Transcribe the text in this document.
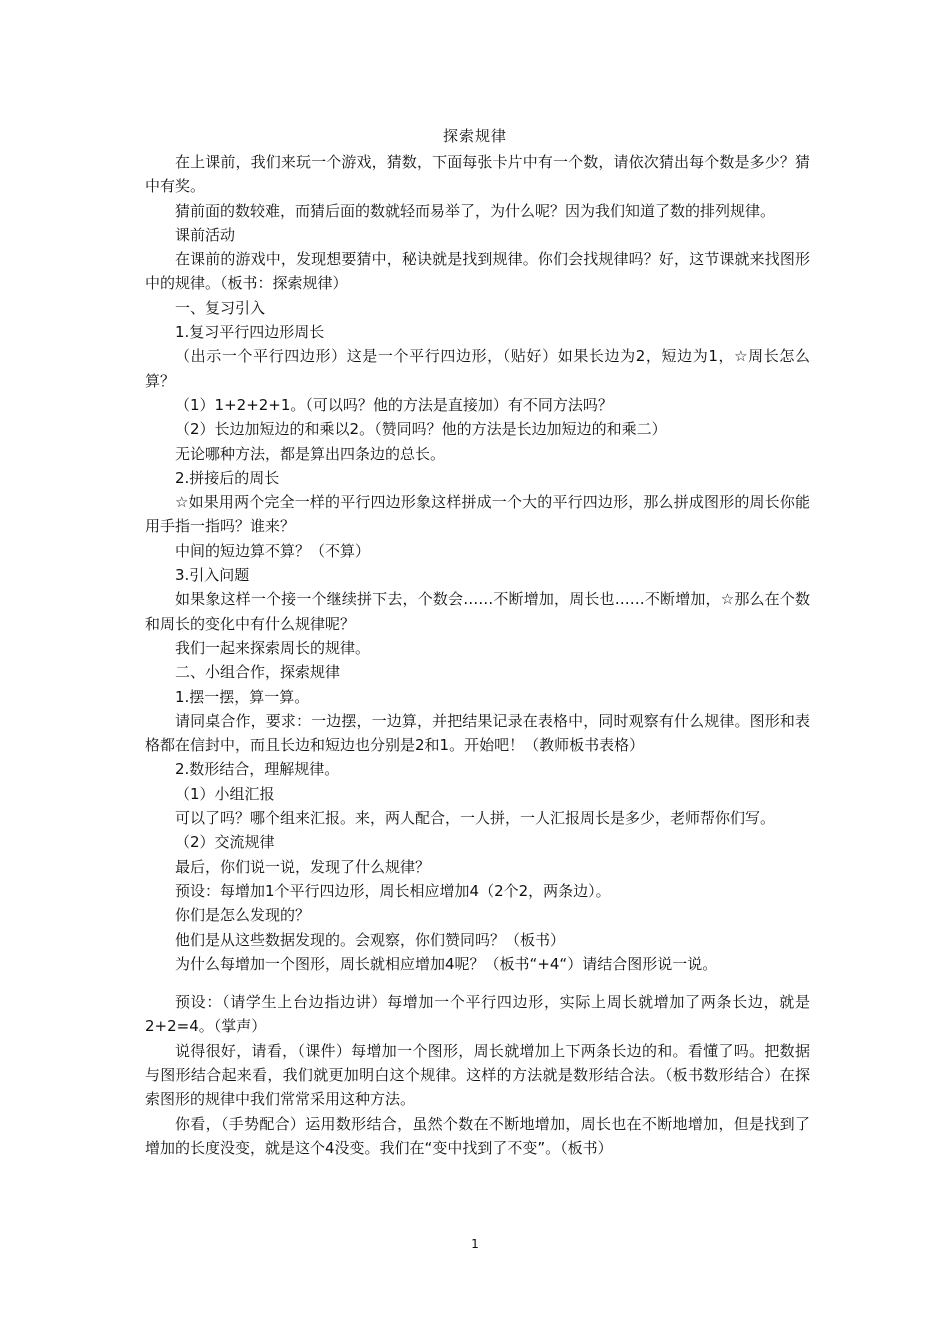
探索规律

在上课前，我们来玩一个游戏，猜数，下面每张卡片中有一个数，请依次猜出每个数是多少？猜中有奖。

猜前面的数较难，而猜后面的数就轻而易举了，为什么呢？因为我们知道了数的排列规律。

课前活动

在课前的游戏中，发现想要猜中，秘诀就是找到规律。你们会找规律吗？好，这节课就来找图形中的规律。（板书：探索规律）

一、复习引入

1.复习平行四边形周长

（出示一个平行四边形）这是一个平行四边形，（贴好）如果长边为2，短边为1，☆周长怎么算？

（1）1+2+2+1。（可以吗？他的方法是直接加）有不同方法吗？

（2）长边加短边的和乘以2。（赞同吗？他的方法是长边加短边的和乘二）

无论哪种方法，都是算出四条边的总长。

2.拼接后的周长

☆如果用两个完全一样的平行四边形象这样拼成一个大的平行四边形，那么拼成图形的周长你能用手指一指吗？谁来？

中间的短边算不算？（不算）

3.引入问题

如果象这样一个接一个继续拼下去，个数会……不断增加，周长也……不断增加，☆那么在个数和周长的变化中有什么规律呢？

我们一起来探索周长的规律。

二、小组合作，探索规律

1.摆一摆，算一算。

请同桌合作，要求：一边摆，一边算，并把结果记录在表格中，同时观察有什么规律。图形和表格都在信封中，而且长边和短边也分别是2和1。开始吧！（教师板书表格）

2.数形结合，理解规律。

（1）小组汇报

可以了吗？哪个组来汇报。来，两人配合，一人拼，一人汇报周长是多少，老师帮你们写。

（2）交流规律

最后，你们说一说，发现了什么规律？

预设：每增加1个平行四边形，周长相应增加4（2个2，两条边）。

你们是怎么发现的？

他们是从这些数据发现的。会观察，你们赞同吗？（板书）

为什么每增加一个图形，周长就相应增加4呢？（板书“+4“）请结合图形说一说。

预设：（请学生上台边指边讲）每增加一个平行四边形，实际上周长就增加了两条长边，就是2+2=4。（掌声）

说得很好，请看，（课件）每增加一个图形，周长就增加上下两条长边的和。看懂了吗。把数据与图形结合起来看，我们就更加明白这个规律。这样的方法就是数形结合法。（板书数形结合）在探索图形的规律中我们常常采用这种方法。

你看，（手势配合）运用数形结合，虽然个数在不断地增加，周长也在不断地增加，但是找到了增加的长度没变，就是这个4没变。我们在“变中找到了不变”。（板书）

1
